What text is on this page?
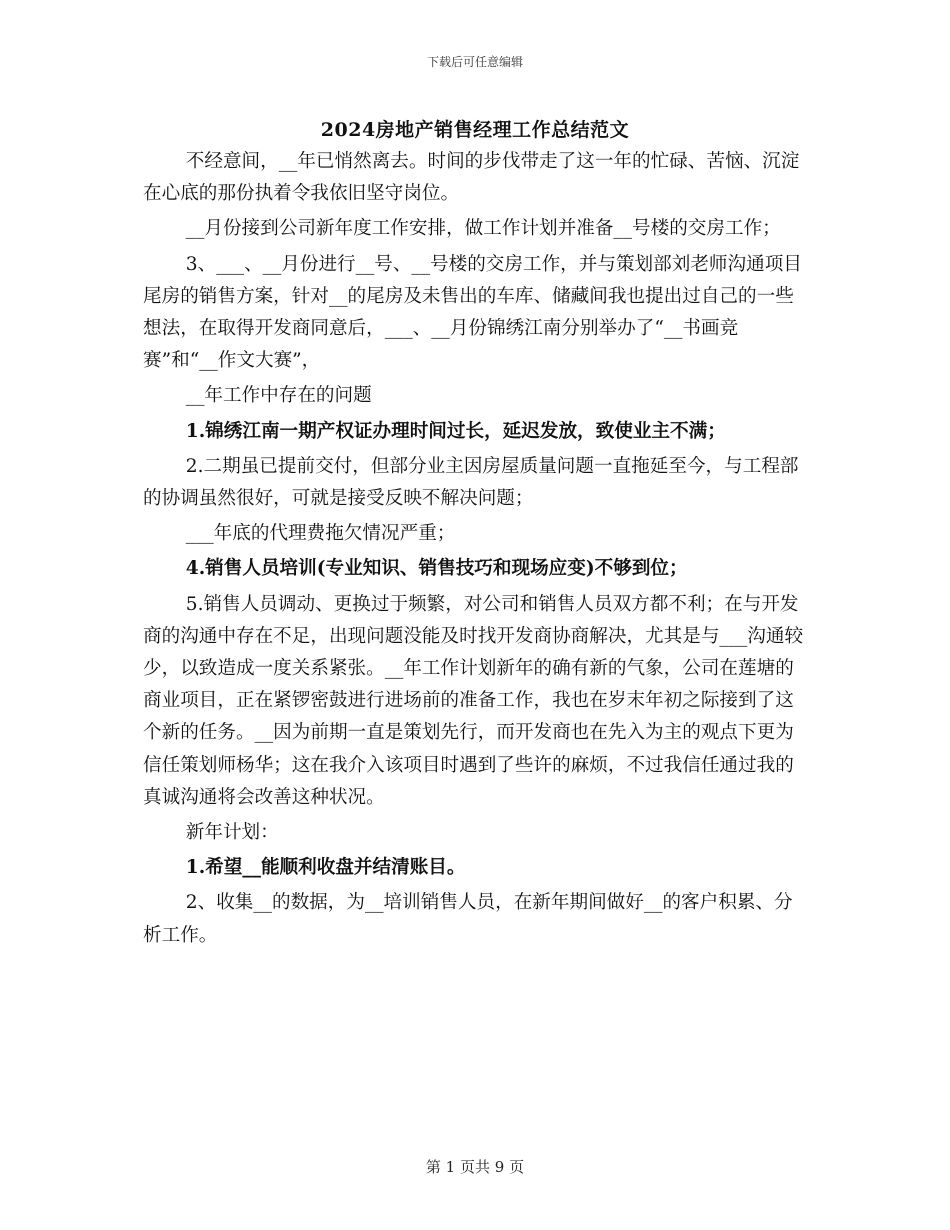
下载后可任意编辑
2024房地产销售经理工作总结范文

不经意间，__年已悄然离去。时间的步伐带走了这一年的忙碌、苦恼、沉淀在心底的那份执着令我依旧坚守岗位。

__月份接到公司新年度工作安排，做工作计划并准备__号楼的交房工作；

3、___、__月份进行__号、__号楼的交房工作，并与策划部刘老师沟通项目尾房的销售方案，针对__的尾房及未售出的车库、储藏间我也提出过自己的一些想法，在取得开发商同意后，___、__月份锦绣江南分别举办了“__书画竞赛”和“__作文大赛”，

__年工作中存在的问题

1.锦绣江南一期产权证办理时间过长，延迟发放，致使业主不满；

2.二期虽已提前交付，但部分业主因房屋质量问题一直拖延至今，与工程部的协调虽然很好，可就是接受反映不解决问题；

___年底的代理费拖欠情况严重；

4.销售人员培训(专业知识、销售技巧和现场应变)不够到位；

5.销售人员调动、更换过于频繁，对公司和销售人员双方都不利；在与开发商的沟通中存在不足，出现问题没能及时找开发商协商解决，尤其是与___沟通较少，以致造成一度关系紧张。__年工作计划新年的确有新的气象，公司在莲塘的商业项目，正在紧锣密鼓进行进场前的准备工作，我也在岁末年初之际接到了这个新的任务。__因为前期一直是策划先行，而开发商也在先入为主的观点下更为信任策划师杨华；这在我介入该项目时遇到了些许的麻烦，不过我信任通过我的真诚沟通将会改善这种状况。

新年计划：

1.希望__能顺利收盘并结清账目。

2、收集__的数据，为__培训销售人员，在新年期间做好__的客户积累、分析工作。

第 1 页共 9 页
